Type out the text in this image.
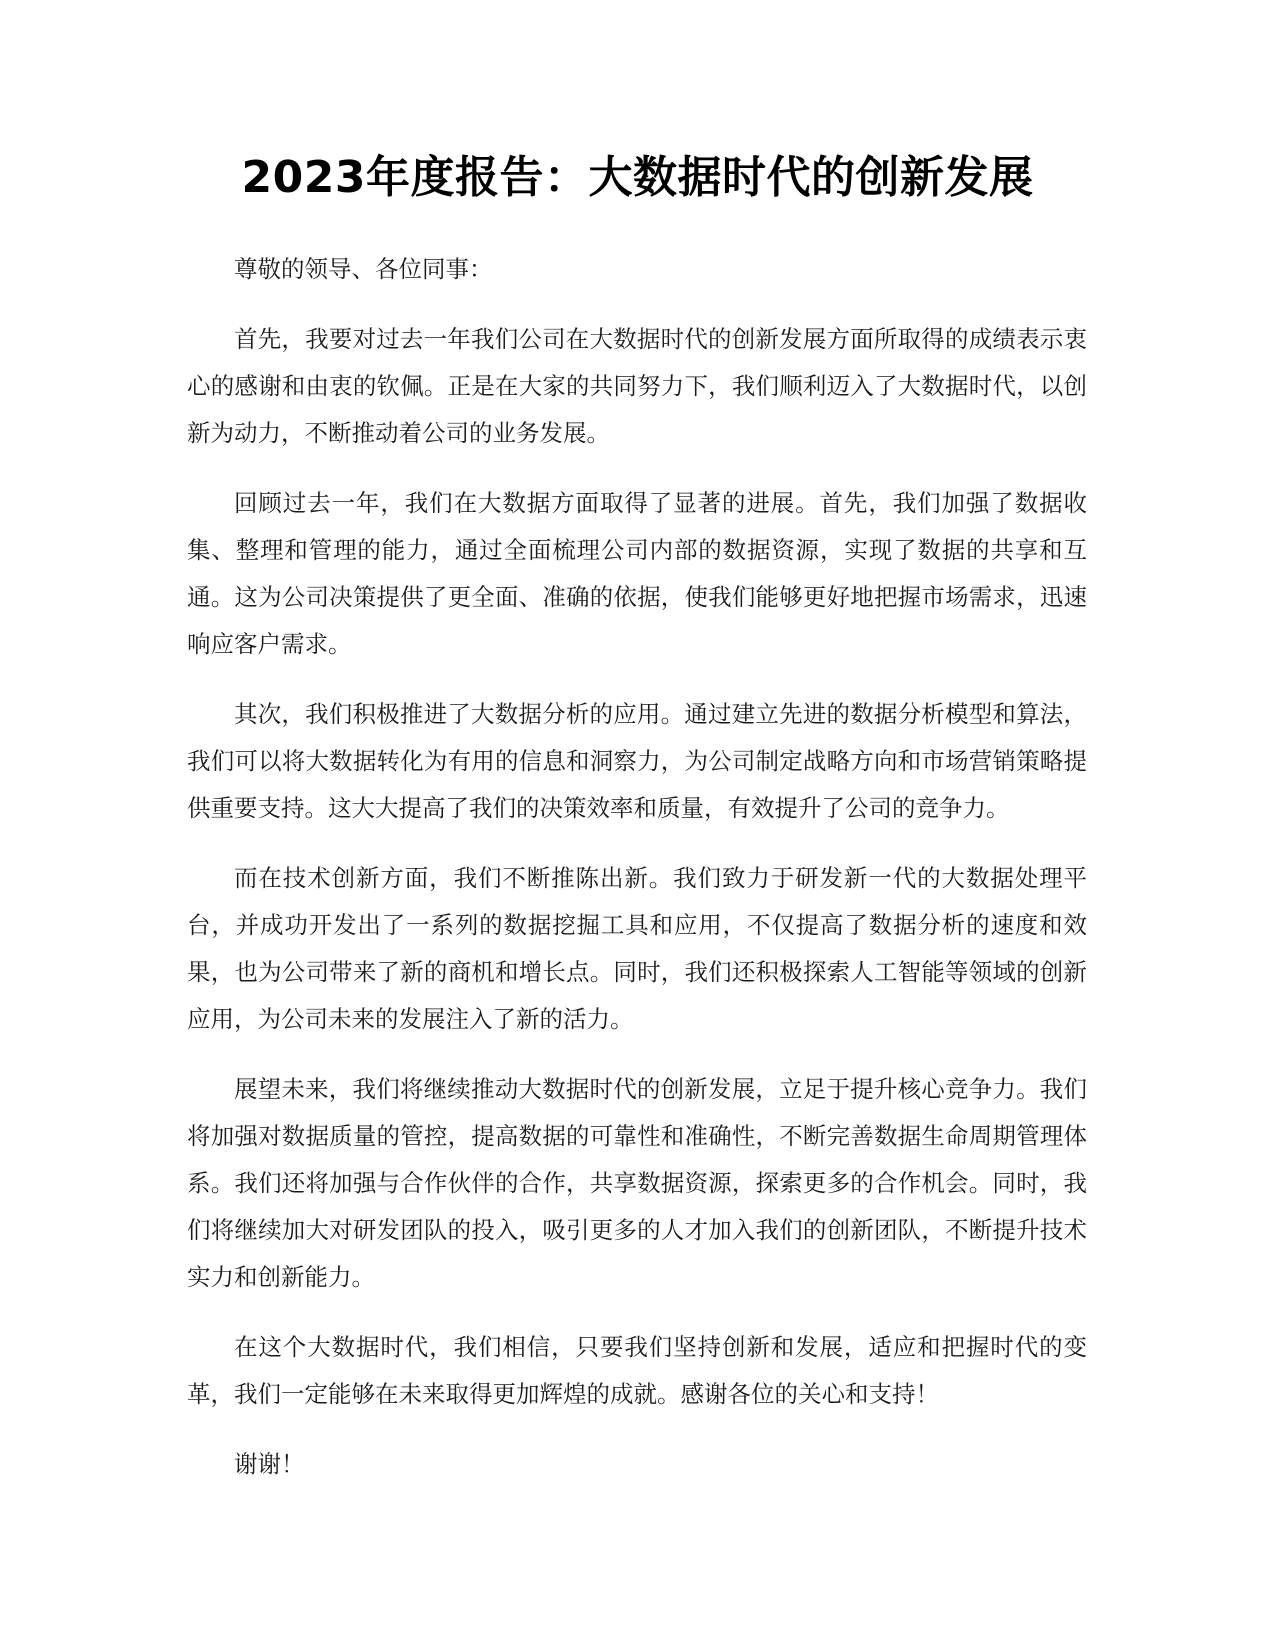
2023年度报告：大数据时代的创新发展

尊敬的领导、各位同事：

首先，我要对过去一年我们公司在大数据时代的创新发展方面所取得的成绩表示衷心的感谢和由衷的钦佩。正是在大家的共同努力下，我们顺利迈入了大数据时代，以创新为动力，不断推动着公司的业务发展。

回顾过去一年，我们在大数据方面取得了显著的进展。首先，我们加强了数据收集、整理和管理的能力，通过全面梳理公司内部的数据资源，实现了数据的共享和互通。这为公司决策提供了更全面、准确的依据，使我们能够更好地把握市场需求，迅速响应客户需求。

其次，我们积极推进了大数据分析的应用。通过建立先进的数据分析模型和算法，我们可以将大数据转化为有用的信息和洞察力，为公司制定战略方向和市场营销策略提供重要支持。这大大提高了我们的决策效率和质量，有效提升了公司的竞争力。

而在技术创新方面，我们不断推陈出新。我们致力于研发新一代的大数据处理平台，并成功开发出了一系列的数据挖掘工具和应用，不仅提高了数据分析的速度和效果，也为公司带来了新的商机和增长点。同时，我们还积极探索人工智能等领域的创新应用，为公司未来的发展注入了新的活力。

展望未来，我们将继续推动大数据时代的创新发展，立足于提升核心竞争力。我们将加强对数据质量的管控，提高数据的可靠性和准确性，不断完善数据生命周期管理体系。我们还将加强与合作伙伴的合作，共享数据资源，探索更多的合作机会。同时，我们将继续加大对研发团队的投入，吸引更多的人才加入我们的创新团队，不断提升技术实力和创新能力。

在这个大数据时代，我们相信，只要我们坚持创新和发展，适应和把握时代的变革，我们一定能够在未来取得更加辉煌的成就。感谢各位的关心和支持！

谢谢！
